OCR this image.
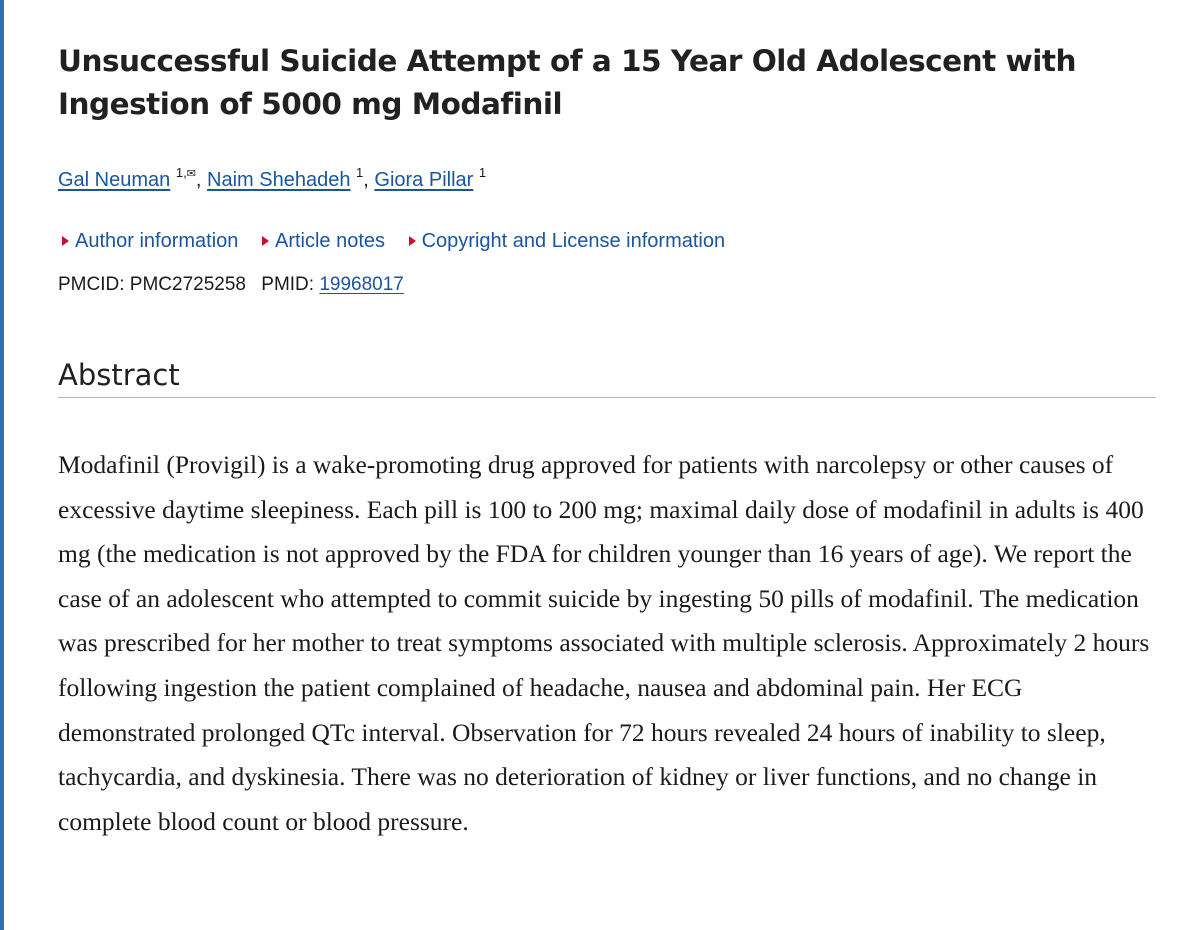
Unsuccessful Suicide Attempt of a 15 Year Old Adolescent with Ingestion of 5000 mg Modafinil
Gal Neuman $^{1,✉}$, Naim Shehadeh $^1$, Giora Pillar $^1$
Author information Article notes Copyright and License information
PMCID: PMC2725258 PMID: 19968017
Abstract

Modafinil (Provigil) is a wake-promoting drug approved for patients with narcolepsy or other causes of excessive daytime sleepiness. Each pill is 100 to 200 mg; maximal daily dose of modafinil in adults is 400 mg (the medication is not approved by the FDA for children younger than 16 years of age). We report the case of an adolescent who attempted to commit suicide by ingesting 50 pills of modafinil. The medication was prescribed for her mother to treat symptoms associated with multiple sclerosis. Approximately 2 hours following ingestion the patient complained of headache, nausea and abdominal pain. Her ECG demonstrated prolonged QTc interval. Observation for 72 hours revealed 24 hours of inability to sleep, tachycardia, and dyskinesia. There was no deterioration of kidney or liver functions, and no change in complete blood count or blood pressure.
